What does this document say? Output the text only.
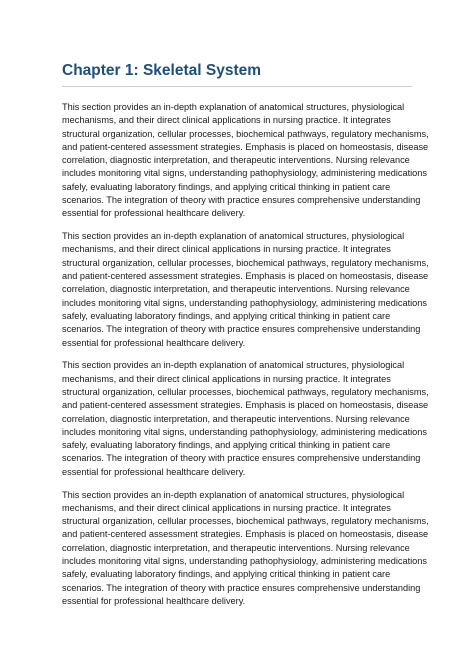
Chapter 1: Skeletal System

This section provides an in-depth explanation of anatomical structures, physiological
mechanisms, and their direct clinical applications in nursing practice. It integrates
structural organization, cellular processes, biochemical pathways, regulatory mechanisms,
and patient-centered assessment strategies. Emphasis is placed on homeostasis, disease
correlation, diagnostic interpretation, and therapeutic interventions. Nursing relevance
includes monitoring vital signs, understanding pathophysiology, administering medications
safely, evaluating laboratory findings, and applying critical thinking in patient care
scenarios. The integration of theory with practice ensures comprehensive understanding
essential for professional healthcare delivery.

This section provides an in-depth explanation of anatomical structures, physiological
mechanisms, and their direct clinical applications in nursing practice. It integrates
structural organization, cellular processes, biochemical pathways, regulatory mechanisms,
and patient-centered assessment strategies. Emphasis is placed on homeostasis, disease
correlation, diagnostic interpretation, and therapeutic interventions. Nursing relevance
includes monitoring vital signs, understanding pathophysiology, administering medications
safely, evaluating laboratory findings, and applying critical thinking in patient care
scenarios. The integration of theory with practice ensures comprehensive understanding
essential for professional healthcare delivery.

This section provides an in-depth explanation of anatomical structures, physiological
mechanisms, and their direct clinical applications in nursing practice. It integrates
structural organization, cellular processes, biochemical pathways, regulatory mechanisms,
and patient-centered assessment strategies. Emphasis is placed on homeostasis, disease
correlation, diagnostic interpretation, and therapeutic interventions. Nursing relevance
includes monitoring vital signs, understanding pathophysiology, administering medications
safely, evaluating laboratory findings, and applying critical thinking in patient care
scenarios. The integration of theory with practice ensures comprehensive understanding
essential for professional healthcare delivery.

This section provides an in-depth explanation of anatomical structures, physiological
mechanisms, and their direct clinical applications in nursing practice. It integrates
structural organization, cellular processes, biochemical pathways, regulatory mechanisms,
and patient-centered assessment strategies. Emphasis is placed on homeostasis, disease
correlation, diagnostic interpretation, and therapeutic interventions. Nursing relevance
includes monitoring vital signs, understanding pathophysiology, administering medications
safely, evaluating laboratory findings, and applying critical thinking in patient care
scenarios. The integration of theory with practice ensures comprehensive understanding
essential for professional healthcare delivery.
